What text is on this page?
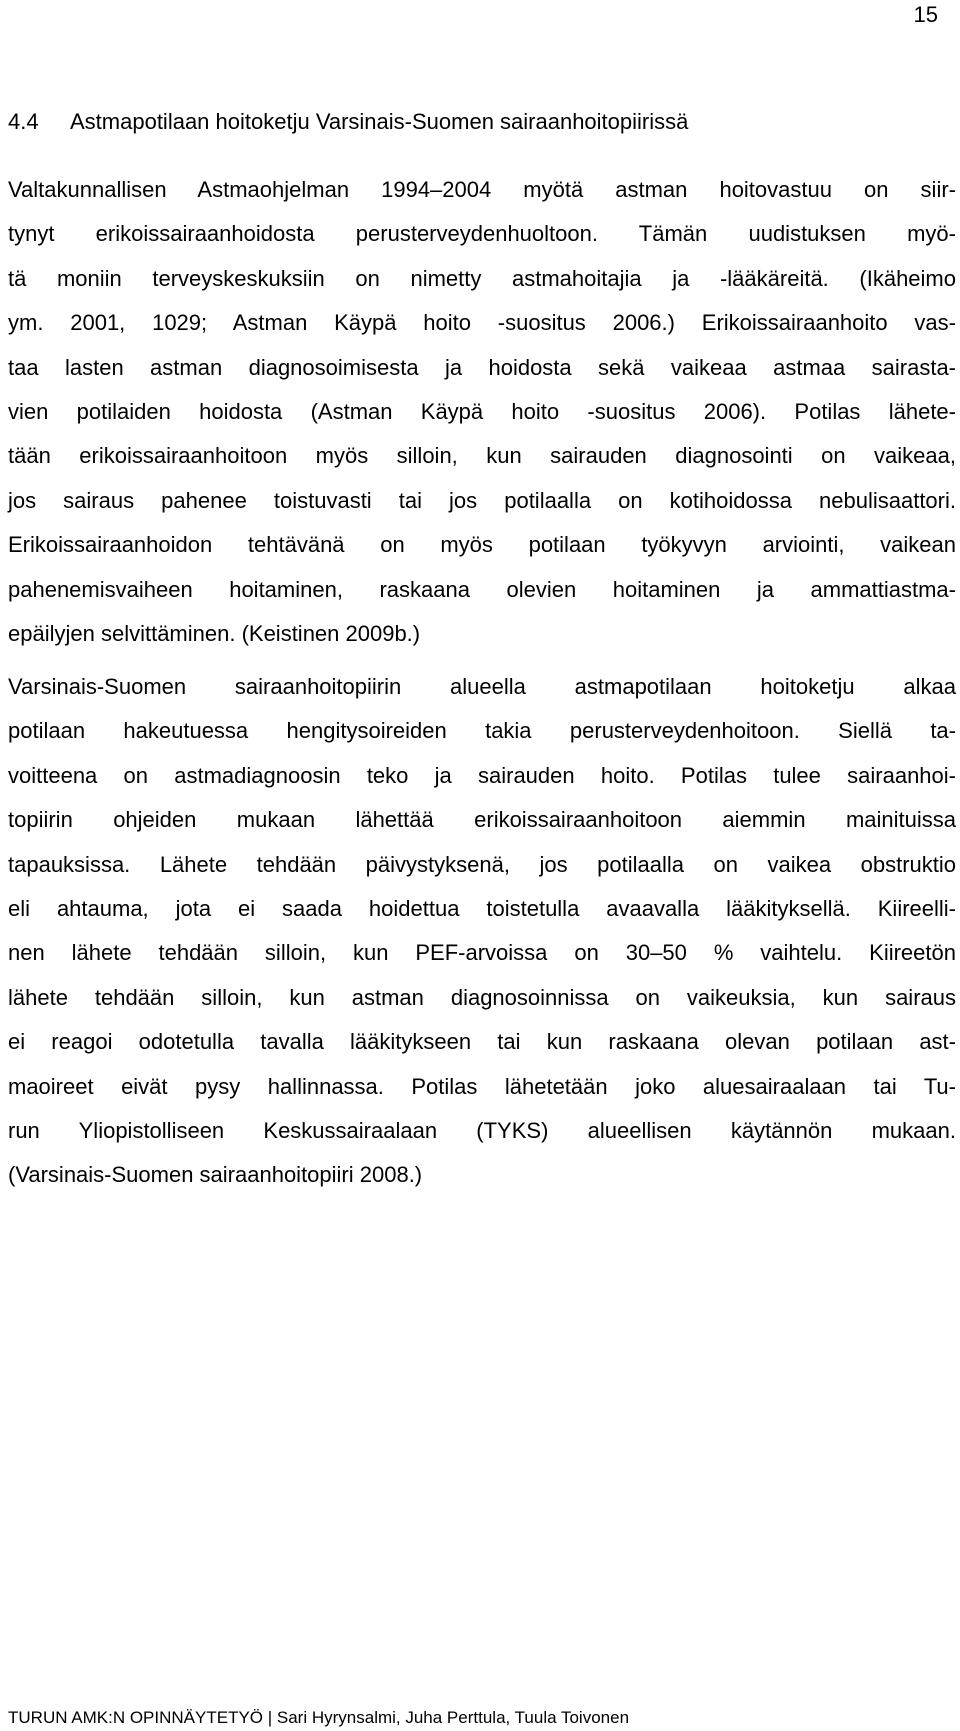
15
4.4 Astmapotilaan hoitoketju Varsinais-Suomen sairaanhoitopiirissä
Valtakunnallisen Astmaohjelman 1994–2004 myötä astman hoitovastuu on siir-
tynyt erikoissairaanhoidosta perusterveydenhuoltoon. Tämän uudistuksen myö-
tä moniin terveyskeskuksiin on nimetty astmahoitajia ja -lääkäreitä. (Ikäheimo
ym. 2001, 1029; Astman Käypä hoito -suositus 2006.) Erikoissairaanhoito vas-
taa lasten astman diagnosoimisesta ja hoidosta sekä vaikeaa astmaa sairasta-
vien potilaiden hoidosta (Astman Käypä hoito -suositus 2006). Potilas lähete-
tään erikoissairaanhoitoon myös silloin, kun sairauden diagnosointi on vaikeaa,
jos sairaus pahenee toistuvasti tai jos potilaalla on kotihoidossa nebulisaattori.
Erikoissairaanhoidon tehtävänä on myös potilaan työkyvyn arviointi, vaikean
pahenemisvaiheen hoitaminen, raskaana olevien hoitaminen ja ammattiastma-
epäilyjen selvittäminen. (Keistinen 2009b.)
Varsinais-Suomen sairaanhoitopiirin alueella astmapotilaan hoitoketju alkaa
potilaan hakeutuessa hengitysoireiden takia perusterveydenhoitoon. Siellä ta-
voitteena on astmadiagnoosin teko ja sairauden hoito. Potilas tulee sairaanhoi-
topiirin ohjeiden mukaan lähettää erikoissairaanhoitoon aiemmin mainituissa
tapauksissa. Lähete tehdään päivystyksenä, jos potilaalla on vaikea obstruktio
eli ahtauma, jota ei saada hoidettua toistetulla avaavalla lääkityksellä. Kiireelli-
nen lähete tehdään silloin, kun PEF-arvoissa on 30–50 % vaihtelu. Kiireetön
lähete tehdään silloin, kun astman diagnosoinnissa on vaikeuksia, kun sairaus
ei reagoi odotetulla tavalla lääkitykseen tai kun raskaana olevan potilaan ast-
maoireet eivät pysy hallinnassa. Potilas lähetetään joko aluesairaalaan tai Tu-
run Yliopistolliseen Keskussairaalaan (TYKS) alueellisen käytännön mukaan.
(Varsinais-Suomen sairaanhoitopiiri 2008.)
TURUN AMK:N OPINNÄYTETYÖ | Sari Hyrynsalmi, Juha Perttula, Tuula Toivonen
